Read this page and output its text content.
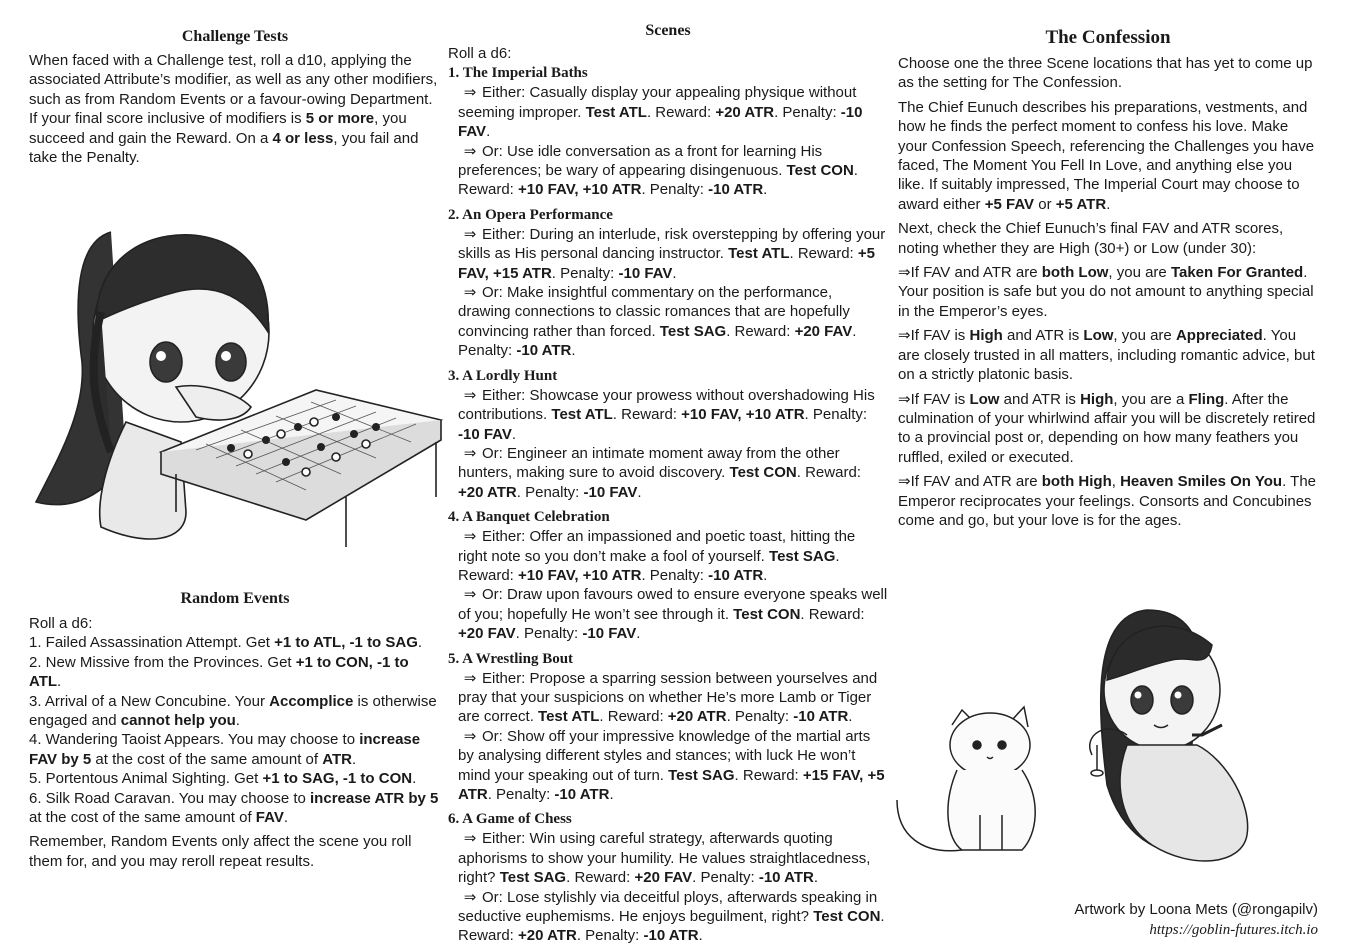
Challenge Tests

When faced with a Challenge test, roll a d10, applying the associated Attribute’s modifier, as well as any other modifiers, such as from Random Events or a favour-owing Department. If your final score inclusive of modifiers is 5 or more, you succeed and gain the Reward. On a 4 or less, you fail and take the Penalty.

Random Events

Roll a d6:

1. Failed Assassination Attempt. Get +1 to ATL, -1 to SAG.

2. New Missive from the Provinces. Get +1 to CON, -1 to ATL.

3. Arrival of a New Concubine. Your Accomplice is otherwise engaged and cannot help you.

4. Wandering Taoist Appears. You may choose to increase FAV by 5 at the cost of the same amount of ATR.

5. Portentous Animal Sighting. Get +1 to SAG, -1 to CON.

6. Silk Road Caravan. You may choose to increase ATR by 5 at the cost of the same amount of FAV.

Remember, Random Events only affect the scene you roll them for, and you may reroll repeat results.

Scenes

Roll a d6:

1. The Imperial Baths
⇒ Either: Casually display your appealing physique without seeming improper. Test ATL. Reward: +20 ATR. Penalty: -10 FAV.
⇒ Or: Use idle conversation as a front for learning His preferences; be wary of appearing disingenuous. Test CON. Reward: +10 FAV, +10 ATR. Penalty: -10 ATR.
2. An Opera Performance
⇒ Either: During an interlude, risk overstepping by offering your skills as His personal dancing instructor. Test ATL. Reward: +5 FAV, +15 ATR. Penalty: -10 FAV.
⇒ Or: Make insightful commentary on the performance, drawing connections to classic romances that are hopefully convincing rather than forced. Test SAG. Reward: +20 FAV. Penalty: -10 ATR.
3. A Lordly Hunt
⇒ Either: Showcase your prowess without overshadowing His contributions. Test ATL. Reward: +10 FAV, +10 ATR. Penalty: -10 FAV.
⇒ Or: Engineer an intimate moment away from the other hunters, making sure to avoid discovery. Test CON. Reward: +20 ATR. Penalty: -10 FAV.
4. A Banquet Celebration
⇒ Either: Offer an impassioned and poetic toast, hitting the right note so you don’t make a fool of yourself. Test SAG. Reward: +10 FAV, +10 ATR. Penalty: -10 ATR.
⇒ Or: Draw upon favours owed to ensure everyone speaks well of you; hopefully He won’t see through it. Test CON. Reward: +20 FAV. Penalty: -10 FAV.
5. A Wrestling Bout
⇒ Either: Propose a sparring session between yourselves and pray that your suspicions on whether He’s more Lamb or Tiger are correct. Test ATL. Reward: +20 ATR. Penalty: -10 ATR.
⇒ Or: Show off your impressive knowledge of the martial arts by analysing different styles and stances; with luck He won’t mind your speaking out of turn. Test SAG. Reward: +15 FAV, +5 ATR. Penalty: -10 ATR.
6. A Game of Chess
⇒ Either: Win using careful strategy, afterwards quoting aphorisms to show your humility. He values straightlacedness, right? Test SAG. Reward: +20 FAV. Penalty: -10 ATR.
⇒ Or: Lose stylishly via deceitful ploys, afterwards speaking in seductive euphemisms. He enjoys beguilment, right? Test CON. Reward: +20 ATR. Penalty: -10 ATR.
The Confession

Choose one the three Scene locations that has yet to come up as the setting for The Confession.

The Chief Eunuch describes his preparations, vestments, and how he finds the perfect moment to confess his love. Make your Confession Speech, referencing the Challenges you have faced, The Moment You Fell In Love, and anything else you like. If suitably impressed, The Imperial Court may choose to award either +5 FAV or +5 ATR.

Next, check the Chief Eunuch’s final FAV and ATR scores, noting whether they are High (30+) or Low (under 30):

⇒If FAV and ATR are both Low, you are Taken For Granted. Your position is safe but you do not amount to anything special in the Emperor’s eyes.

⇒If FAV is High and ATR is Low, you are Appreciated. You are closely trusted in all matters, including romantic advice, but on a strictly platonic basis.

⇒If FAV is Low and ATR is High, you are a Fling. After the culmination of your whirlwind affair you will be discretely retired to a provincial post or, depending on how many feathers you ruffled, exiled or executed.

⇒If FAV and ATR are both High, Heaven Smiles On You. The Emperor reciprocates your feelings. Consorts and Concubines come and go, but your love is for the ages.

Artwork by Loona Mets (@rongapilv)
https://goblin-futures.itch.io
